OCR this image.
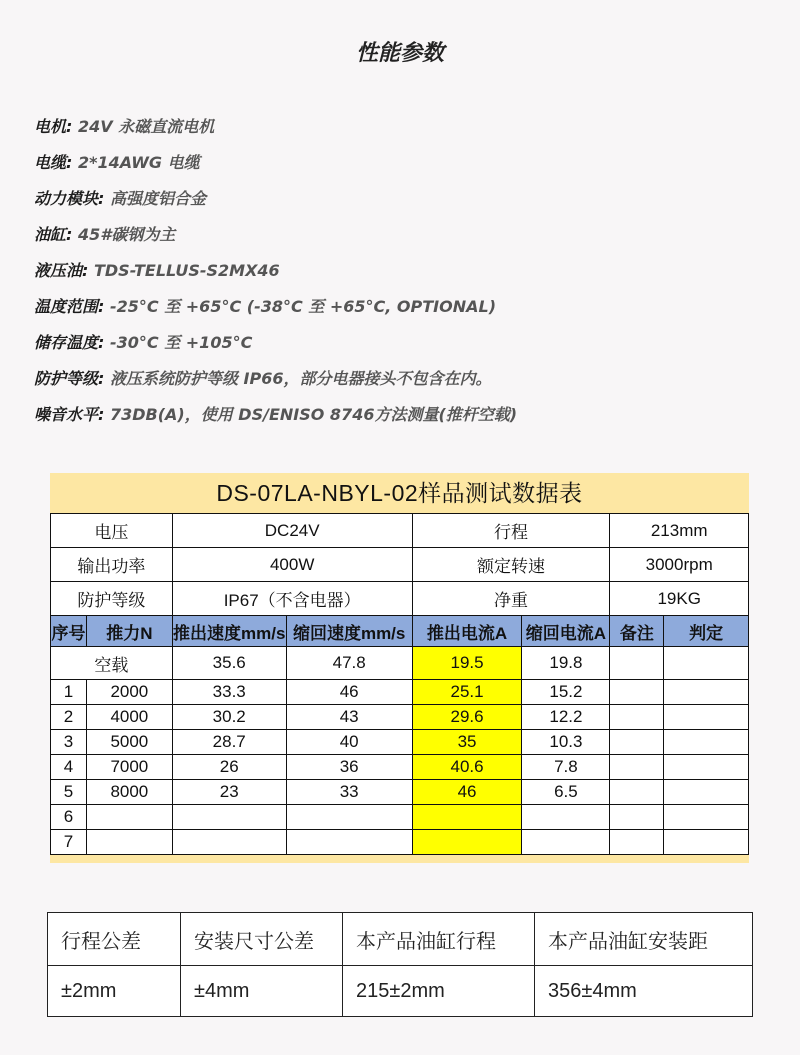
性能参数
电机: 24V 永磁直流电机
电缆: 2*14AWG 电缆
动力模块: 高强度铝合金
油缸: 45#碳钢为主
液压油: TDS-TELLUS-S2MX46
温度范围: -25°C 至 +65°C (-38°C 至 +65°C, OPTIONAL)
储存温度: -30°C 至 +105°C
防护等级: 液压系统防护等级 IP66，部分电器接头不包含在内。
噪音水平: 73DB(A)，使用 DS/ENISO 8746方法测量(推杆空载)
DS-07LA-NBYL-02样品测试数据表
电压		DC24V		行程		213mm	
输出功率		400W		额定转速		3000rpm	
防护等级		IP67（不含电器）		净重		19KG	
序号	推力N	推出速度mm/s	缩回速度mm/s	推出电流A	缩回电流A	备注	判定
空载		35.6	47.8	19.5	19.8		
1	2000	33.3	46	25.1	15.2		
2	4000	30.2	43	29.6	12.2		
3	5000	28.7	40	35	10.3		
4	7000	26	36	40.6	7.8		
5	8000	23	33	46	6.5		
6							
7							
行程公差	安装尺寸公差	本产品油缸行程	本产品油缸安装距
±2mm	±4mm	215±2mm	356±4mm
